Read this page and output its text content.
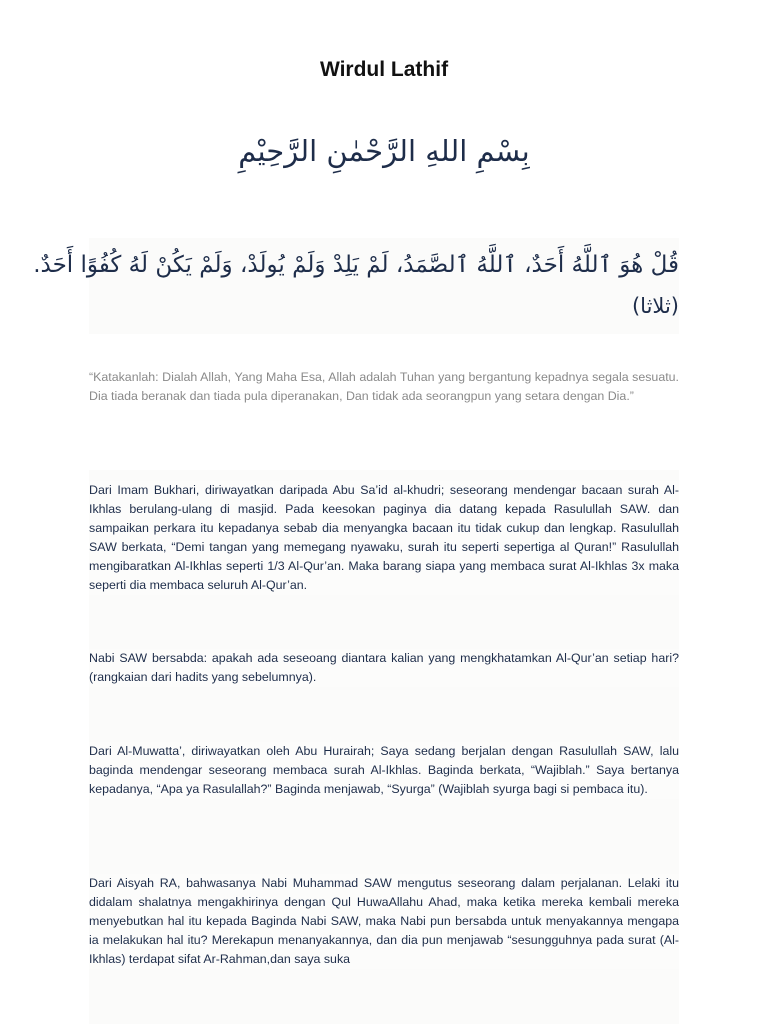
Wirdul Lathif
بِسْمِ اللهِ الرَّحْمٰنِ الرَّحِيْمِ
قُلْ هُوَ ٱللَّهُ أَحَدٌ، ٱللَّهُ ٱلصَّمَدُ، لَمْ يَلِدْ وَلَمْ يُولَدْ، وَلَمْ يَكُنْ لَهُ كُفُوًا أَحَدٌ.
(ثلاثا)
“Katakanlah: Dialah Allah, Yang Maha Esa, Allah adalah Tuhan yang bergantung kepadnya segala sesuatu. Dia tiada beranak dan tiada pula diperanakan, Dan tidak ada seorangpun yang setara dengan Dia.”
Dari Imam Bukhari, diriwayatkan daripada Abu Sa’id al-khudri; seseorang mendengar bacaan surah Al-Ikhlas berulang-ulang di masjid. Pada keesokan paginya dia datang kepada Rasulullah SAW. dan sampaikan perkara itu kepadanya sebab dia menyangka bacaan itu tidak cukup dan lengkap. Rasulullah SAW berkata, “Demi tangan yang memegang nyawaku, surah itu seperti sepertiga al Quran!” Rasulullah mengibaratkan Al-Ikhlas seperti 1/3 Al-Qur’an. Maka barang siapa yang membaca surat Al-Ikhlas 3x maka seperti dia membaca seluruh Al-Qur’an.
Nabi SAW bersabda: apakah ada seseoang diantara kalian yang mengkhatamkan Al-Qur’an setiap hari? (rangkaian dari hadits yang sebelumnya).
Dari Al-Muwatta’, diriwayatkan oleh Abu Hurairah; Saya sedang berjalan dengan Rasulullah SAW, lalu baginda mendengar seseorang membaca surah Al-Ikhlas. Baginda berkata, “Wajiblah.” Saya bertanya kepadanya, “Apa ya Rasulallah?” Baginda menjawab, “Syurga” (Wajiblah syurga bagi si pembaca itu).
Dari Aisyah RA, bahwasanya Nabi Muhammad SAW mengutus seseorang dalam perjalanan. Lelaki itu didalam shalatnya mengakhirinya dengan Qul HuwaAllahu Ahad, maka ketika mereka kembali mereka menyebutkan hal itu kepada Baginda Nabi SAW, maka Nabi pun bersabda untuk menyakannya mengapa ia melakukan hal itu? Merekapun menanyakannya, dan dia pun menjawab “sesungguhnya pada surat (Al-Ikhlas) terdapat sifat Ar-Rahman,dan saya suka
